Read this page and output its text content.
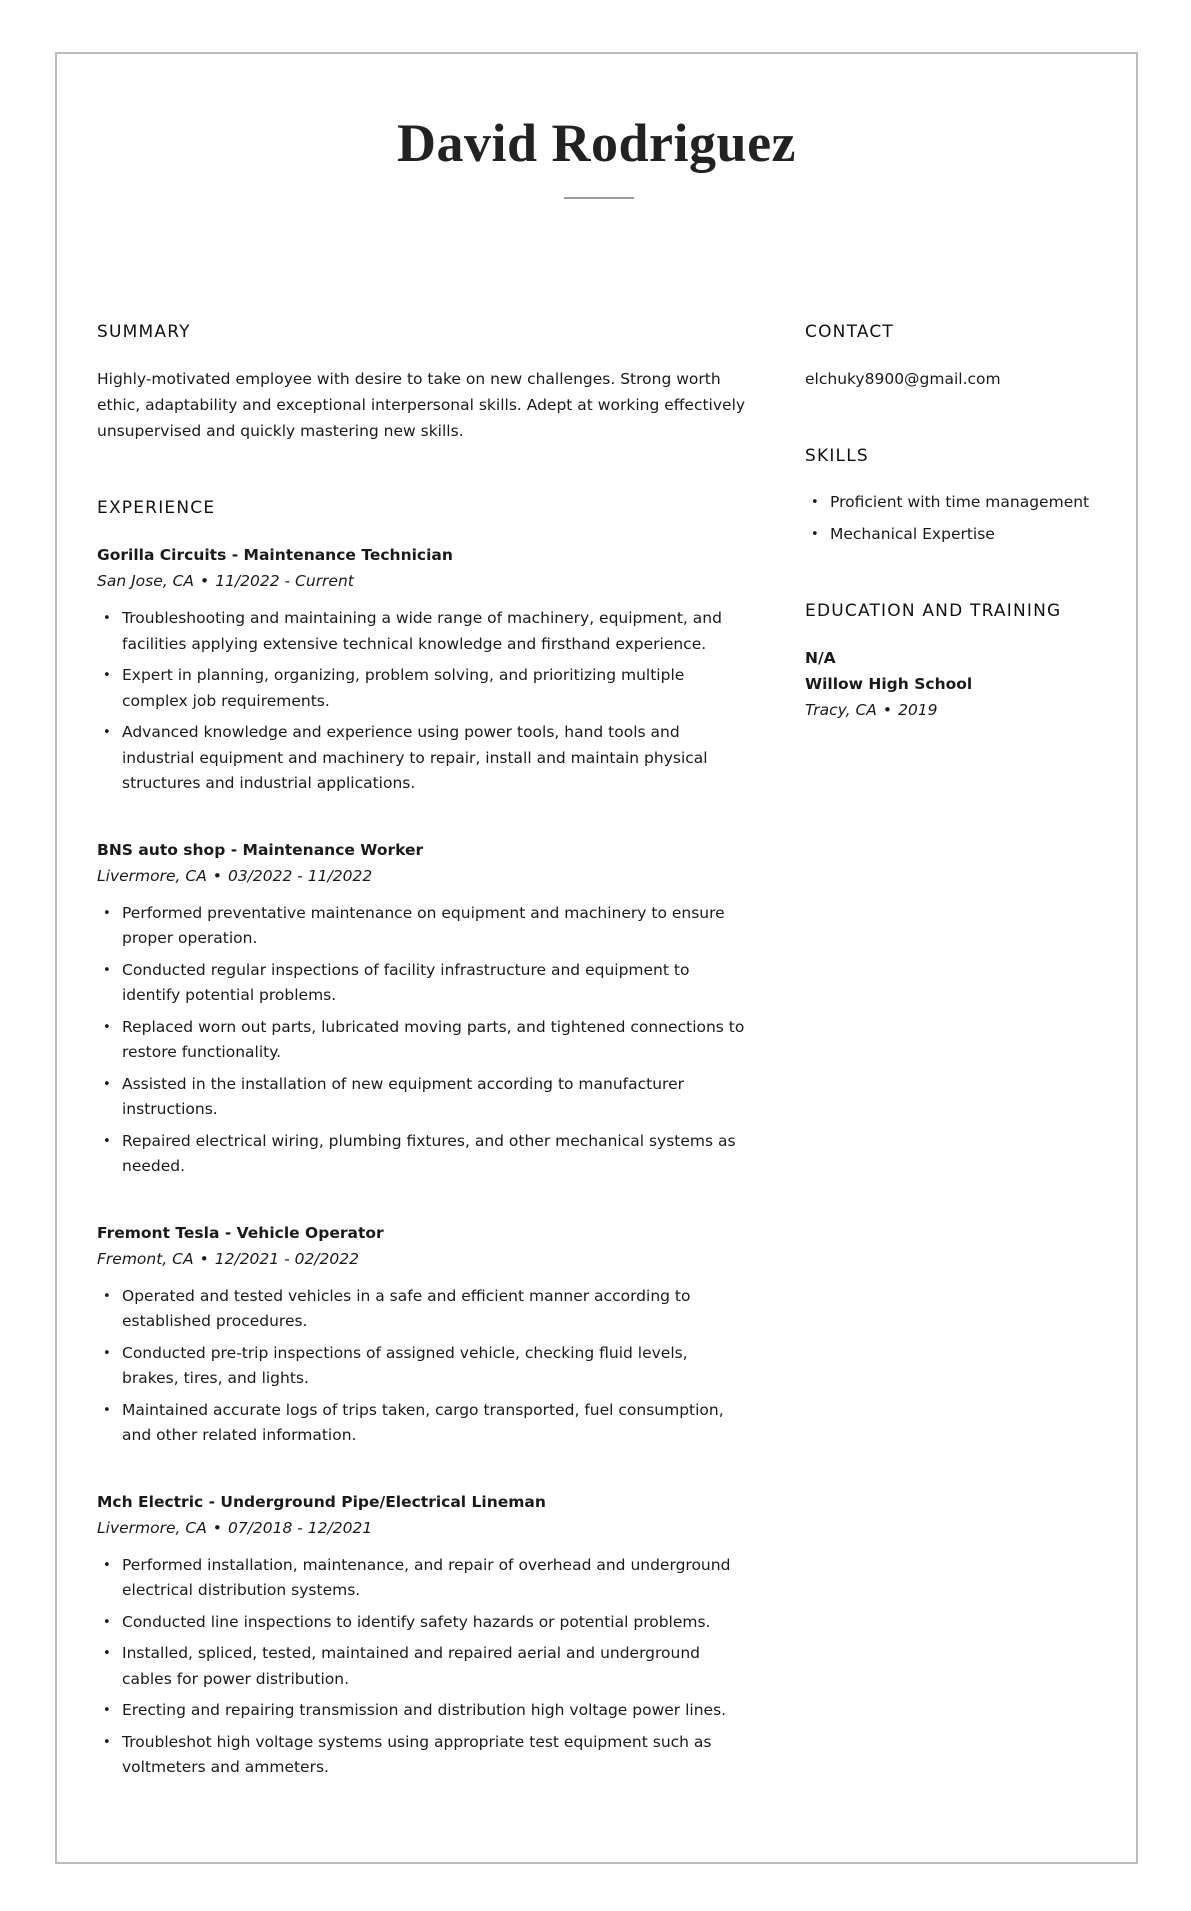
David Rodriguez
SUMMARY

Highly-motivated employee with desire to take on new challenges. Strong worth ethic, adaptability and exceptional interpersonal skills. Adept at working effectively unsupervised and quickly mastering new skills.

EXPERIENCE

Gorilla Circuits - Maintenance Technician

San Jose, CA • 11/2022 - Current

• Troubleshooting and maintaining a wide range of machinery, equipment, and facilities applying extensive technical knowledge and firsthand experience.
• Expert in planning, organizing, problem solving, and prioritizing multiple complex job requirements.
• Advanced knowledge and experience using power tools, hand tools and industrial equipment and machinery to repair, install and maintain physical structures and industrial applications.

BNS auto shop - Maintenance Worker

Livermore, CA • 03/2022 - 11/2022

• Performed preventative maintenance on equipment and machinery to ensure proper operation.
• Conducted regular inspections of facility infrastructure and equipment to identify potential problems.
• Replaced worn out parts, lubricated moving parts, and tightened connections to restore functionality.
• Assisted in the installation of new equipment according to manufacturer instructions.
• Repaired electrical wiring, plumbing fixtures, and other mechanical systems as needed.

Fremont Tesla - Vehicle Operator

Fremont, CA • 12/2021 - 02/2022

• Operated and tested vehicles in a safe and efficient manner according to established procedures.
• Conducted pre-trip inspections of assigned vehicle, checking fluid levels, brakes, tires, and lights.
• Maintained accurate logs of trips taken, cargo transported, fuel consumption, and other related information.

Mch Electric - Underground Pipe/Electrical Lineman

Livermore, CA • 07/2018 - 12/2021

• Performed installation, maintenance, and repair of overhead and underground electrical distribution systems.
• Conducted line inspections to identify safety hazards or potential problems.
• Installed, spliced, tested, maintained and repaired aerial and underground cables for power distribution.
• Erecting and repairing transmission and distribution high voltage power lines.
• Troubleshot high voltage systems using appropriate test equipment such as voltmeters and ammeters.
CONTACT

elchuky8900@gmail.com

SKILLS
• Proficient with time management
• Mechanical Expertise
EDUCATION AND TRAINING

N/A

Willow High School

Tracy, CA • 2019
